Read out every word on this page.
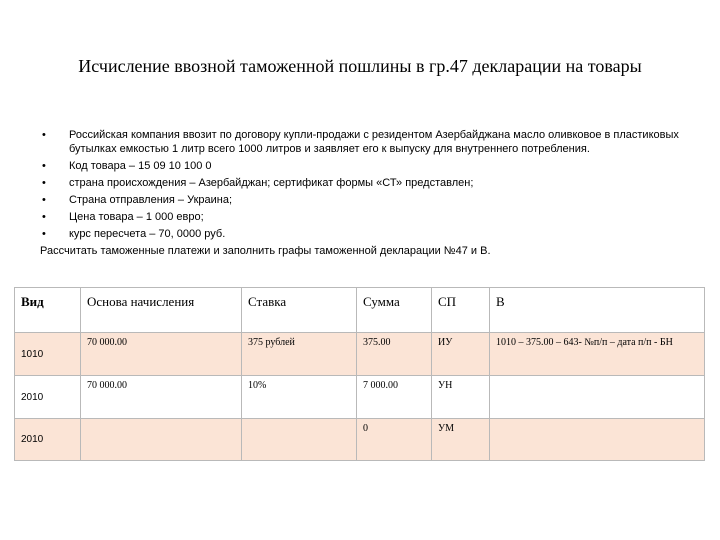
Исчисление ввозной таможенной пошлины в гр.47 декларации на товары
• Российская компания ввозит по договору купли-продажи с резидентом Азербайджана масло оливковое в пластиковых бутылках емкостью 1 литр всего 1000 литров и заявляет его к выпуску для внутреннего потребления.
• Код товара – 15 09 10 100 0
• страна происхождения – Азербайджан; сертификат формы «СТ» представлен;
• Страна отправления – Украина;
• Цена товара – 1 000 евро;
• курс пересчета – 70, 0000 руб.
Рассчитать таможенные платежи и заполнить графы таможенной декларации №47 и В.
Вид	Основа начисления	Ставка	Сумма	СП	В
1010	70 000.00	375 рублей	375.00	ИУ	1010 – 375.00 – 643- №п/п – дата п/п - БН
2010	70 000.00	10%	7 000.00	УН	
2010			0	УМ	
